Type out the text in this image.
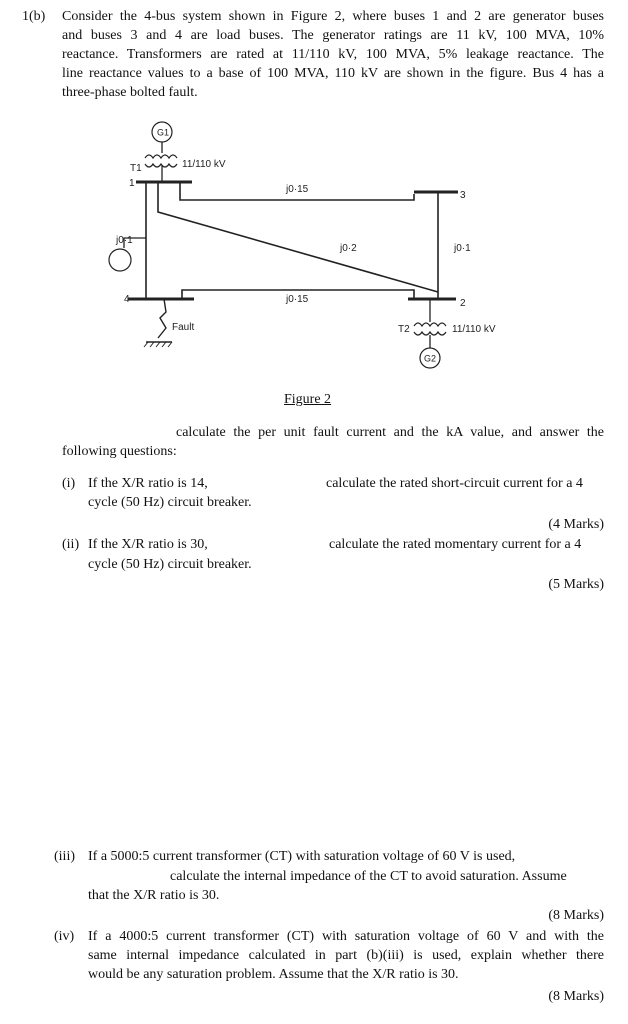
1(b) Consider the 4-bus system shown in Figure 2, where buses 1 and 2 are generator buses
and buses 3 and 4 are load buses. The generator ratings are 11 kV, 100 MVA, 10%
reactance. Transformers are rated at 11/110 kV, 100 MVA, 5% leakage reactance. The
line reactance values to a base of 100 MVA, 110 kV are shown in the figure. Bus 4 has a
three-phase bolted fault.
G1
G2
T1	11/110 kV
1
j0·15
3
j0·1
j0·2	j0·1
j0·15
4	2
Fault	T2	11/110 kV
Figure 2
calculate the per unit fault current and the kA value, and answer the
following questions:
(i) If the X/R ratio is 14,	calculate the rated short-circuit current for a 4
cycle (50 Hz) circuit breaker.
(4 Marks)
(ii) If the X/R ratio is 30,	calculate the rated momentary current for a 4
cycle (50 Hz) circuit breaker.
(5 Marks)
(iii) If a 5000:5 current transformer (CT) with saturation voltage of 60 V is used,
calculate the internal impedance of the CT to avoid saturation. Assume
that the X/R ratio is 30.
(8 Marks)
(iv) If a 4000:5 current transformer (CT) with saturation voltage of 60 V and with the
same internal impedance calculated in part (b)(iii) is used, explain whether there
would be any saturation problem. Assume that the X/R ratio is 30.
(8 Marks)
